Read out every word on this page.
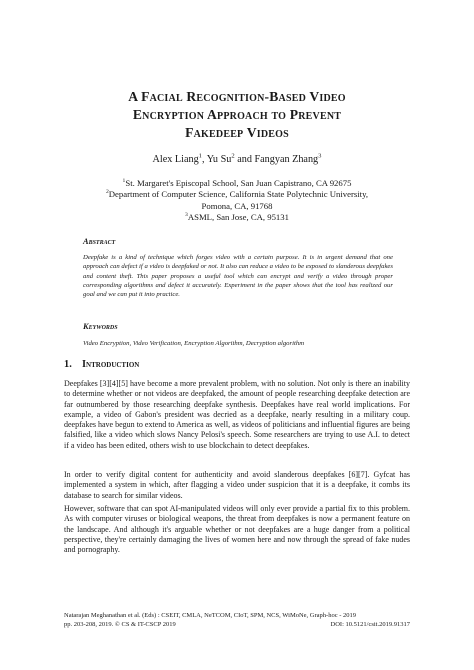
A Facial Recognition-Based Video
Encryption Approach to Prevent
Fakedeep Videos
Alex Liang$^1$, Yu Su$^2$ and Fangyan Zhang$^3$
$^1$St. Margaret's Episcopal School, San Juan Capistrano, CA 92675
$^2$Department of Computer Science, California State Polytechnic University,
Pomona, CA, 91768
$^3$ASML, San Jose, CA, 95131
Abstract
Deepfake is a kind of technique which forges video with a certain purpose. It is in urgent demand that one approach can defect if a video is deepfaked or not. It also can reduce a video to be exposed to slanderous deepfakes and content theft. This paper proposes a useful tool which can encrypt and verify a video through proper corresponding algorithms and defect it accurately. Experiment in the paper shows that the tool has realized our goal and we can put it into practice.
Keywords
Video Encryption, Video Verification, Encryption Algorithm, Decryption algorithm
1. Introduction
Deepfakes [3][4][5] have become a more prevalent problem, with no solution. Not only is there an inability to determine whether or not videos are deepfaked, the amount of people researching deepfake detection are far outnumbered by those researching deepfake synthesis. Deepfakes have real world implications. For example, a video of Gabon's president was decried as a deepfake, nearly resulting in a military coup. deepfakes have begun to extend to America as well, as videos of politicians and influential figures are being falsified, like a video which slows Nancy Pelosi's speech. Some researchers are trying to use A.I. to detect if a video has been edited, others wish to use blockchain to detect deepfakes.
In order to verify digital content for authenticity and avoid slanderous deepfakes [6][7]. Gyfcat has implemented a system in which, after flagging a video under suspicion that it is a deepfake, it combs its database to search for similar videos.
However, software that can spot AI-manipulated videos will only ever provide a partial fix to this problem. As with computer viruses or biological weapons, the threat from deepfakes is now a permanent feature on the landscape. And although it's arguable whether or not deepfakes are a huge danger from a political perspective, they're certainly damaging the lives of women here and now through the spread of fake nudes and pornography.
Natarajan Meghanathan et al. (Eds) : CSEIT, CMLA, NeTCOM, CIoT, SPM, NCS, WiMoNe, Graph-hoc - 2019
pp. 203-208, 2019. © CS & IT-CSCP 2019	DOI: 10.5121/csit.2019.91317
